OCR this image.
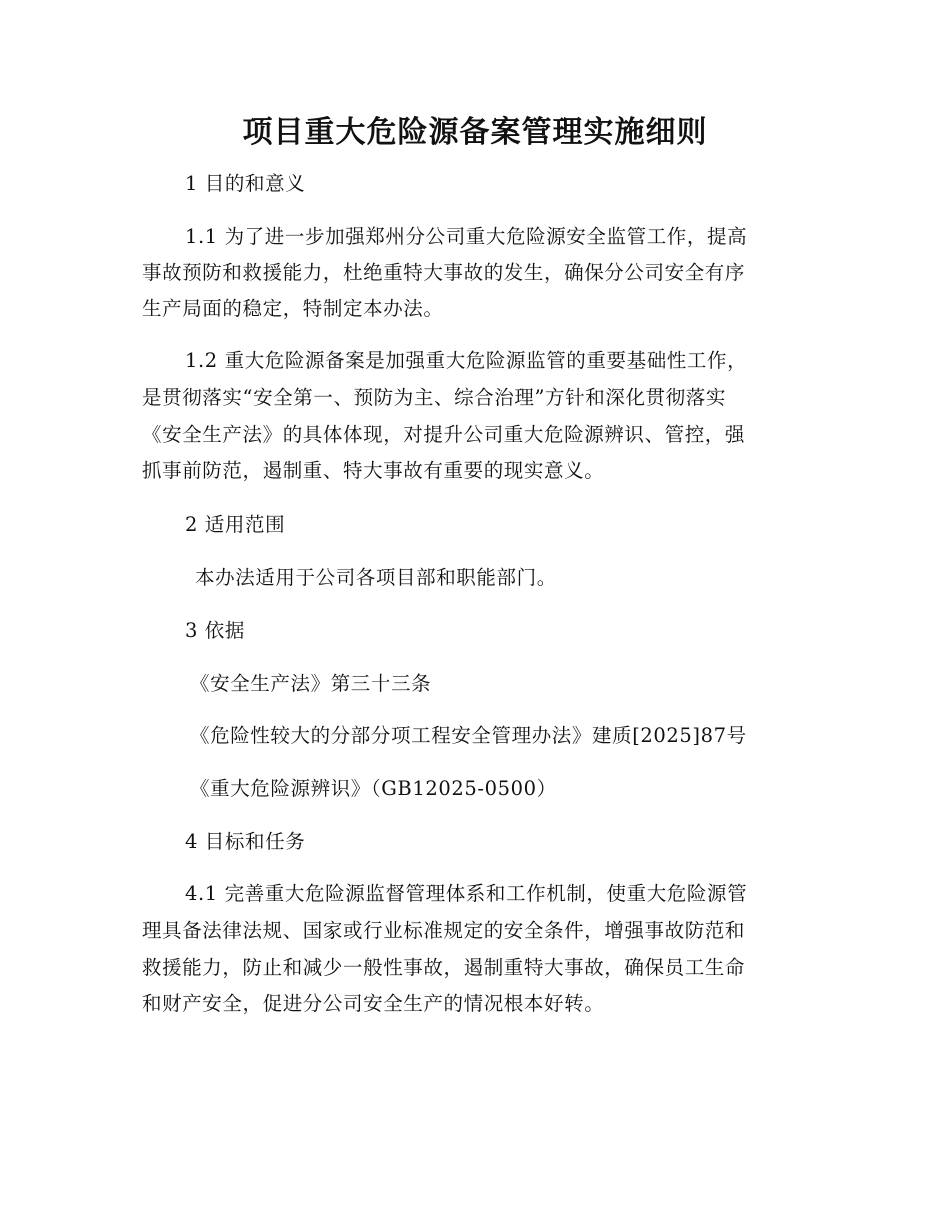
项目重大危险源备案管理实施细则
1 目的和意义
1.1 为了进一步加强郑州分公司重大危险源安全监管工作，提高
事故预防和救援能力，杜绝重特大事故的发生，确保分公司安全有序
生产局面的稳定，特制定本办法。
1.2 重大危险源备案是加强重大危险源监管的重要基础性工作，
是贯彻落实“安全第一、预防为主、综合治理”方针和深化贯彻落实
《安全生产法》的具体体现，对提升公司重大危险源辨识、管控，强
抓事前防范，遏制重、特大事故有重要的现实意义。
2 适用范围
本办法适用于公司各项目部和职能部门。
3 依据
《安全生产法》第三十三条
《危险性较大的分部分项工程安全管理办法》建质[2025]87号
《重大危险源辨识》（GB12025-0500）
4 目标和任务
4.1 完善重大危险源监督管理体系和工作机制，使重大危险源管
理具备法律法规、国家或行业标准规定的安全条件，增强事故防范和
救援能力，防止和减少一般性事故，遏制重特大事故，确保员工生命
和财产安全，促进分公司安全生产的情况根本好转。
